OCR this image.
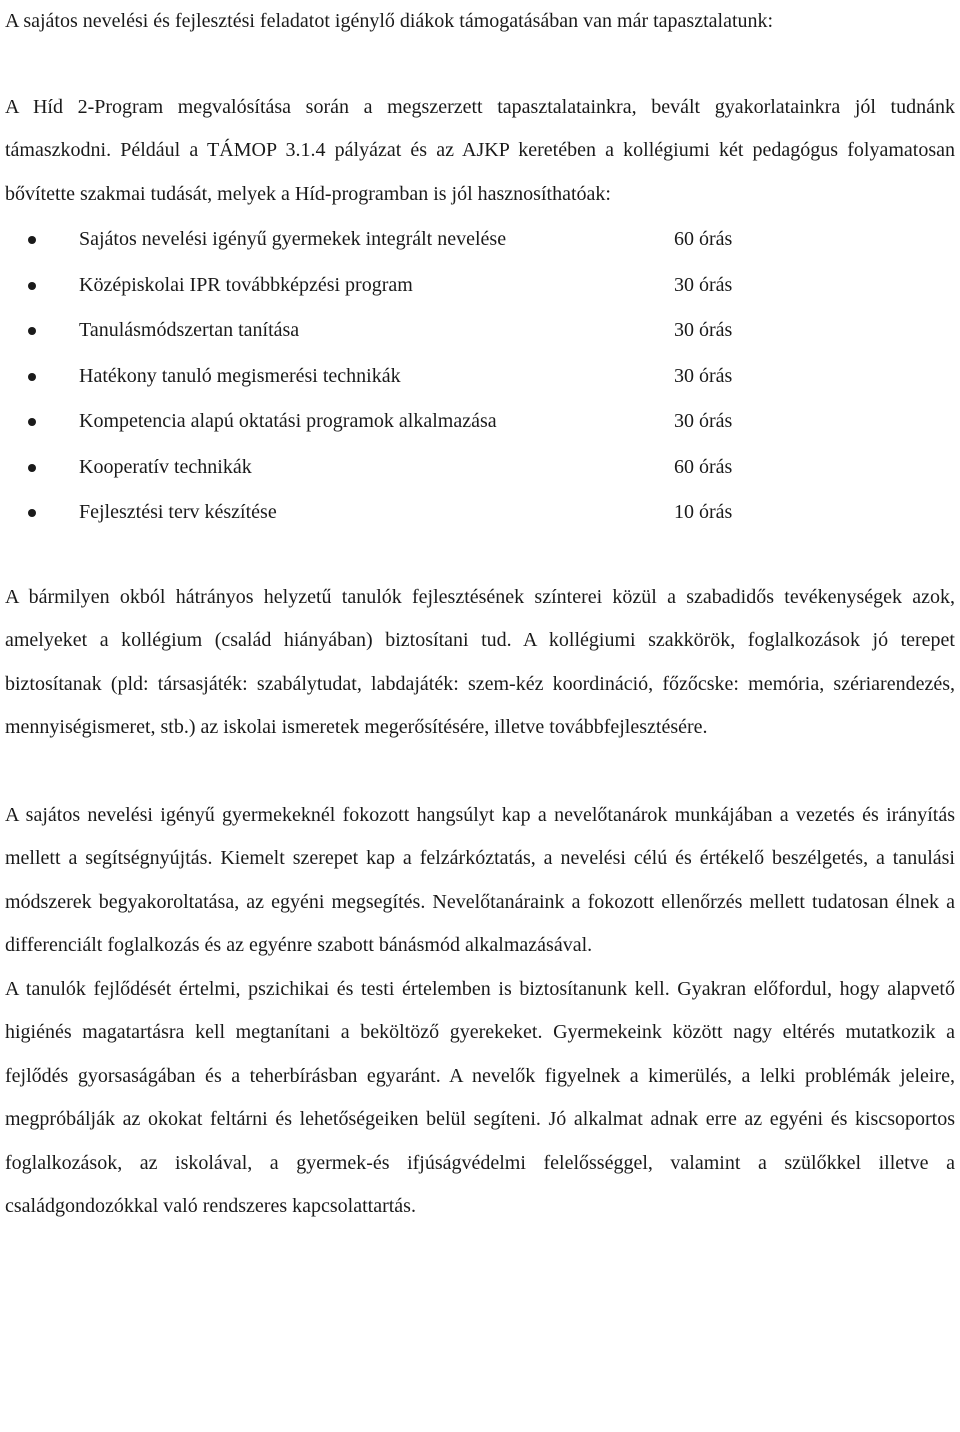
A sajátos nevelési és fejlesztési feladatot igénylő diákok támogatásában van már tapasztalatunk:

A Híd 2-Program megvalósítása során a megszerzett tapasztalatainkra, bevált gyakorlatainkra jól tudnánk támaszkodni. Például a TÁMOP 3.1.4 pályázat és az AJKP keretében a kollégiumi két pedagógus folyamatosan bővítette szakmai tudását, melyek a Híd-programban is jól hasznosíthatóak:

Sajátos nevelési igényű gyermekek integrált nevelése	60 órás
Középiskolai IPR továbbképzési program	30 órás
Tanulásmódszertan tanítása	30 órás
Hatékony tanuló megismerési technikák	30 órás
Kompetencia alapú oktatási programok alkalmazása	30 órás
Kooperatív technikák	60 órás
Fejlesztési terv készítése	10 órás

A bármilyen okból hátrányos helyzetű tanulók fejlesztésének színterei közül a szabadidős tevékenységek azok, amelyeket a kollégium (család hiányában) biztosítani tud. A kollégiumi szakkörök, foglalkozások jó terepet biztosítanak (pld: társasjáték: szabálytudat, labdajáték: szem-kéz koordináció, főzőcske: memória, szériarendezés, mennyiségismeret, stb.) az iskolai ismeretek megerősítésére, illetve továbbfejlesztésére.

A sajátos nevelési igényű gyermekeknél fokozott hangsúlyt kap a nevelőtanárok munkájában a vezetés és irányítás mellett a segítségnyújtás. Kiemelt szerepet kap a felzárkóztatás, a nevelési célú és értékelő beszélgetés, a tanulási módszerek begyakoroltatása, az egyéni megsegítés. Nevelőtanáraink a fokozott ellenőrzés mellett tudatosan élnek a differenciált foglalkozás és az egyénre szabott bánásmód alkalmazásával.

A tanulók fejlődését értelmi, pszichikai és testi értelemben is biztosítanunk kell. Gyakran előfordul, hogy alapvető higiénés magatartásra kell megtanítani a beköltöző gyerekeket. Gyermekeink között nagy eltérés mutatkozik a fejlődés gyorsaságában és a teherbírásban egyaránt. A nevelők figyelnek a kimerülés, a lelki problémák jeleire, megpróbálják az okokat feltárni és lehetőségeiken belül segíteni. Jó alkalmat adnak erre az egyéni és kiscsoportos foglalkozások, az iskolával, a gyermek-és ifjúságvédelmi felelősséggel, valamint a szülőkkel illetve a családgondozókkal való rendszeres kapcsolattartás.
